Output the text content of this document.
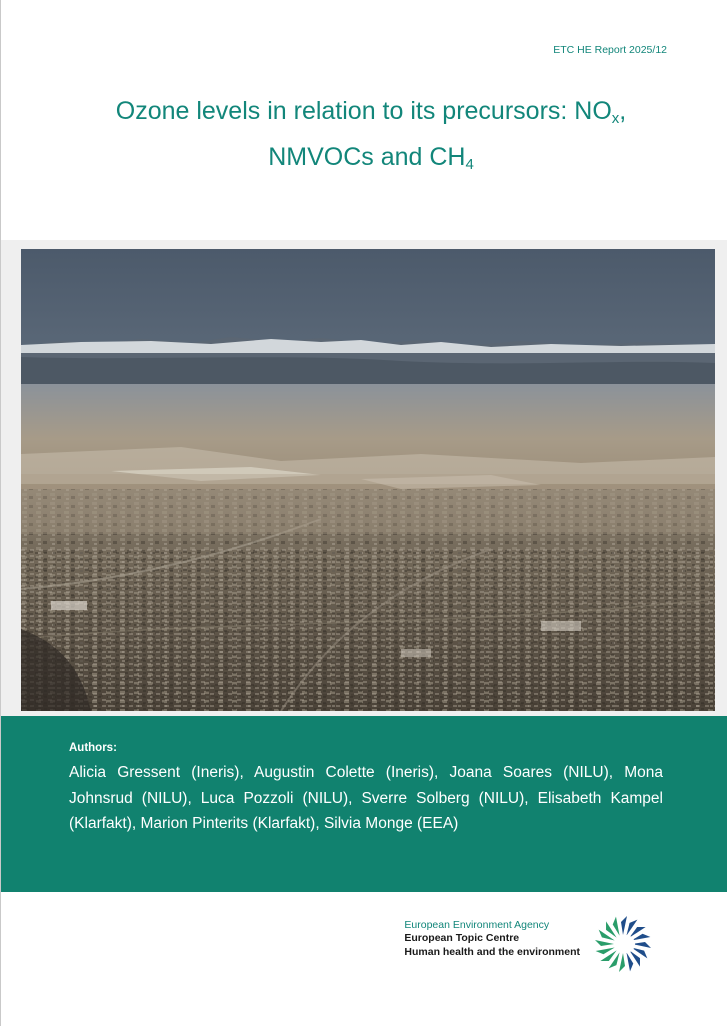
ETC HE Report 2025/12
Ozone levels in relation to its precursors: $NO_x$,
NMVOCs and $CH_4$
Authors:
Alicia Gressent (Ineris), Augustin Colette (Ineris), Joana Soares (NILU), Mona Johnsrud (NILU), Luca Pozzoli (NILU), Sverre Solberg (NILU), Elisabeth Kampel (Klarfakt), Marion Pinterits (Klarfakt), Silvia Monge (EEA)
European Environment Agency
European Topic Centre
Human health and the environment
